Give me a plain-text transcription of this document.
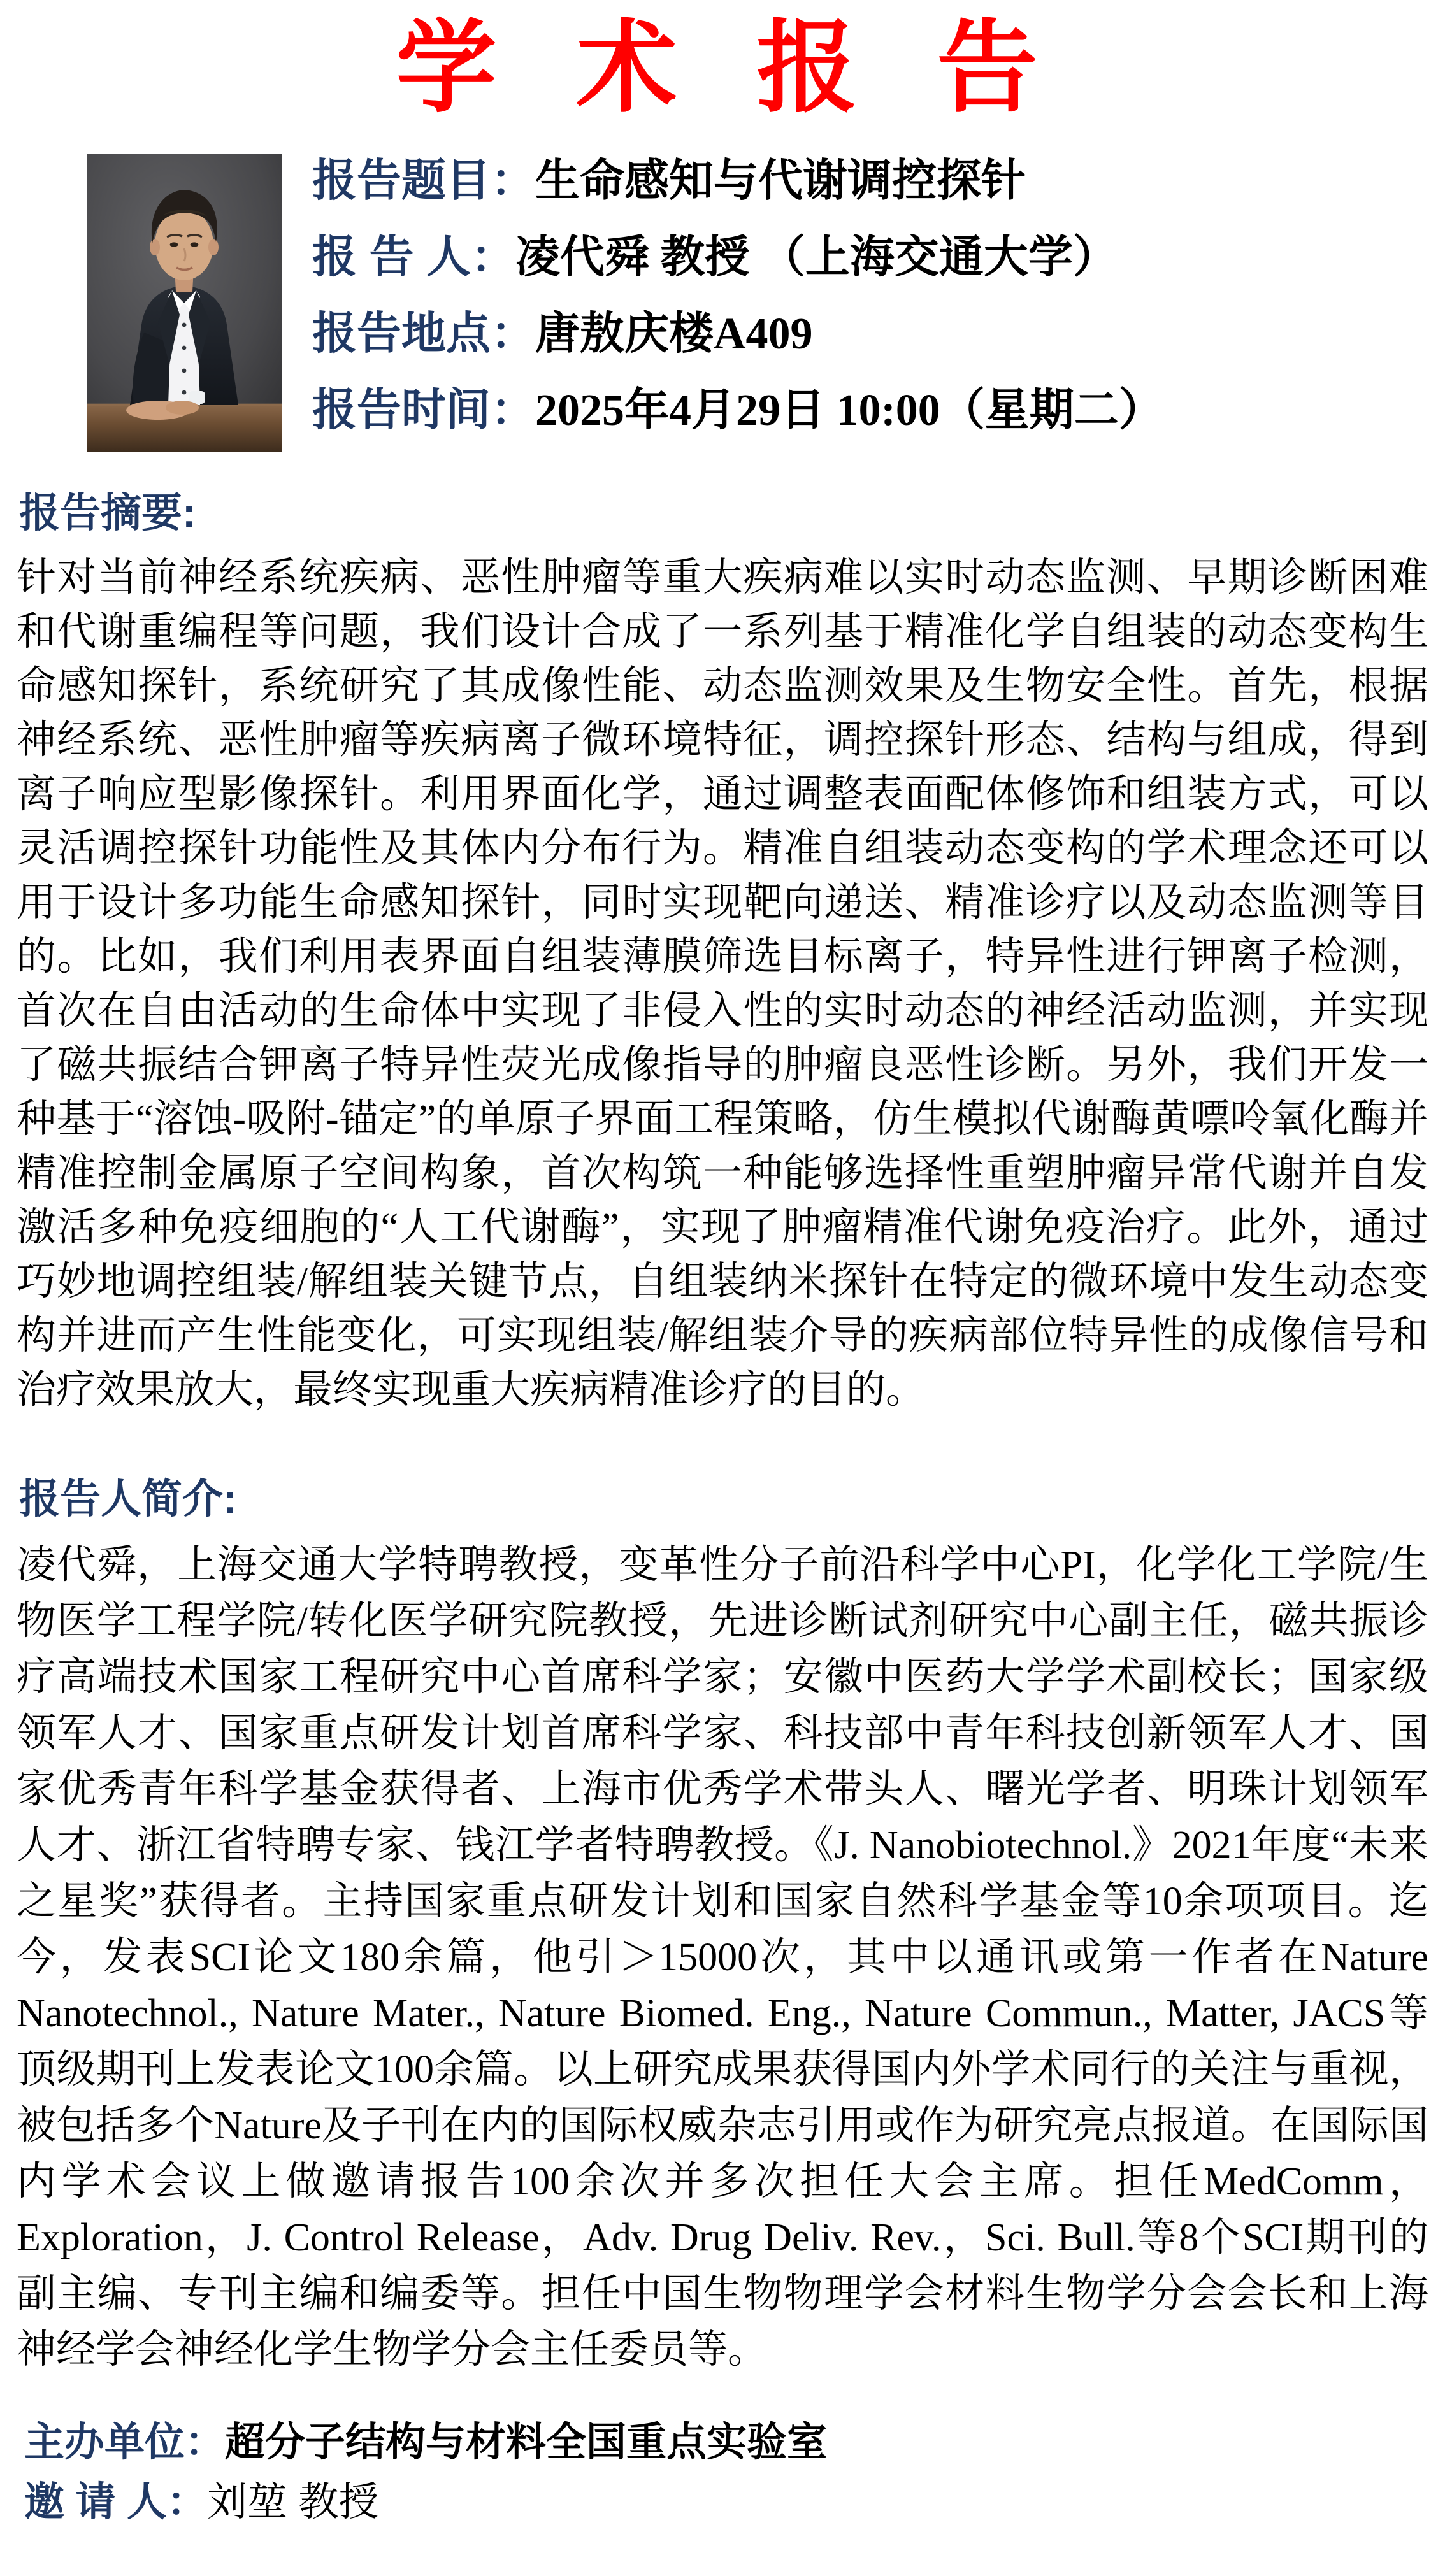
学 术 报 告
报告题目：生命感知与代谢调控探针
报 告 人：凌代舜 教授 （上海交通大学）
报告地点：唐敖庆楼A409
报告时间：2025年4月29日 10:00（星期二）
报告摘要:

针对当前神经系统疾病、恶性肿瘤等重大疾病难以实时动态监测、早期诊断困难和代谢重编程等问题，我们设计合成了一系列基于精准化学自组装的动态变构生命感知探针，系统研究了其成像性能、动态监测效果及生物安全性。首先，根据神经系统、恶性肿瘤等疾病离子微环境特征，调控探针形态、结构与组成，得到离子响应型影像探针。利用界面化学，通过调整表面配体修饰和组装方式，可以灵活调控探针功能性及其体内分布行为。精准自组装动态变构的学术理念还可以用于设计多功能生命感知探针，同时实现靶向递送、精准诊疗以及动态监测等目的。比如，我们利用表界面自组装薄膜筛选目标离子，特异性进行钾离子检测，首次在自由活动的生命体中实现了非侵入性的实时动态的神经活动监测，并实现了磁共振结合钾离子特异性荧光成像指导的肿瘤良恶性诊断。另外，我们开发一种基于“溶蚀-吸附-锚定”的单原子界面工程策略，仿生模拟代谢酶黄嘌呤氧化酶并精准控制金属原子空间构象，首次构筑一种能够选择性重塑肿瘤异常代谢并自发激活多种免疫细胞的“人工代谢酶”，实现了肿瘤精准代谢免疫治疗。此外，通过巧妙地调控组装/解组装关键节点，自组装纳米探针在特定的微环境中发生动态变构并进而产生性能变化，可实现组装/解组装介导的疾病部位特异性的成像信号和治疗效果放大，最终实现重大疾病精准诊疗的目的。

报告人简介:

凌代舜，上海交通大学特聘教授，变革性分子前沿科学中心PI，化学化工学院/生物医学工程学院/转化医学研究院教授，先进诊断试剂研究中心副主任，磁共振诊疗高端技术国家工程研究中心首席科学家；安徽中医药大学学术副校长；国家级领军人才、国家重点研发计划首席科学家、科技部中青年科技创新领军人才、国家优秀青年科学基金获得者、上海市优秀学术带头人、曙光学者、明珠计划领军人才、浙江省特聘专家、钱江学者特聘教授。《J. Nanobiotechnol.》2021年度“未来之星奖”获得者。主持国家重点研发计划和国家自然科学基金等10余项项目。迄今，发表SCI论文180余篇，他引＞15000次，其中以通讯或第一作者在Nature Nanotechnol., Nature Mater., Nature Biomed. Eng., Nature Commun., Matter, JACS等顶级期刊上发表论文100余篇。以上研究成果获得国内外学术同行的关注与重视，被包括多个Nature及子刊在内的国际权威杂志引用或作为研究亮点报道。在国际国内学术会议上做邀请报告100余次并多次担任大会主席。担任MedComm， Exploration，J. Control Release，Adv. Drug Deliv. Rev.，Sci. Bull.等8个SCI期刊的副主编、专刊主编和编委等。担任中国生物物理学会材料生物学分会会长和上海神经学会神经化学生物学分会主任委员等。

主办单位：超分子结构与材料全国重点实验室
邀 请 人：刘堃 教授
